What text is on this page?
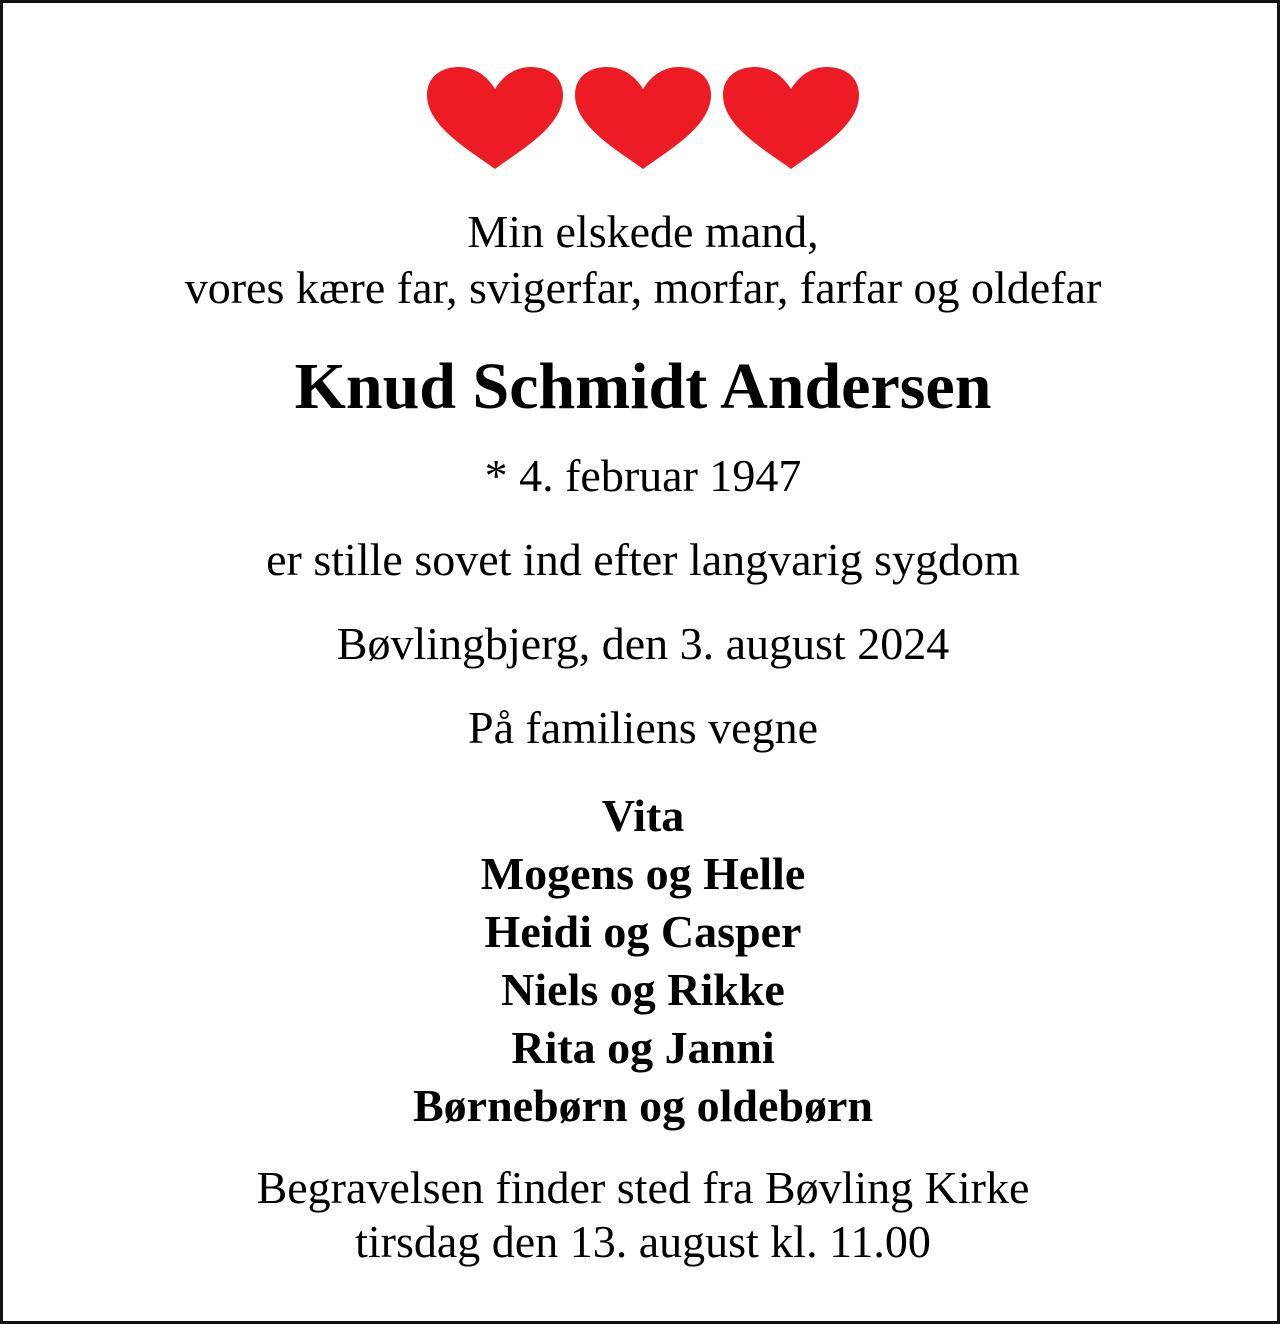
Min elskede mand,

vores kære far, svigerfar, morfar, farfar og oldefar

Knud Schmidt Andersen

* 4. februar 1947

er stille sovet ind efter langvarig sygdom

Bøvlingbjerg, den 3. august 2024

På familiens vegne

Vita
Mogens og Helle
Heidi og Casper
Niels og Rikke
Rita og Janni
Børnebørn og oldebørn

Begravelsen finder sted fra Bøvling Kirke

tirsdag den 13. august kl. 11.00
